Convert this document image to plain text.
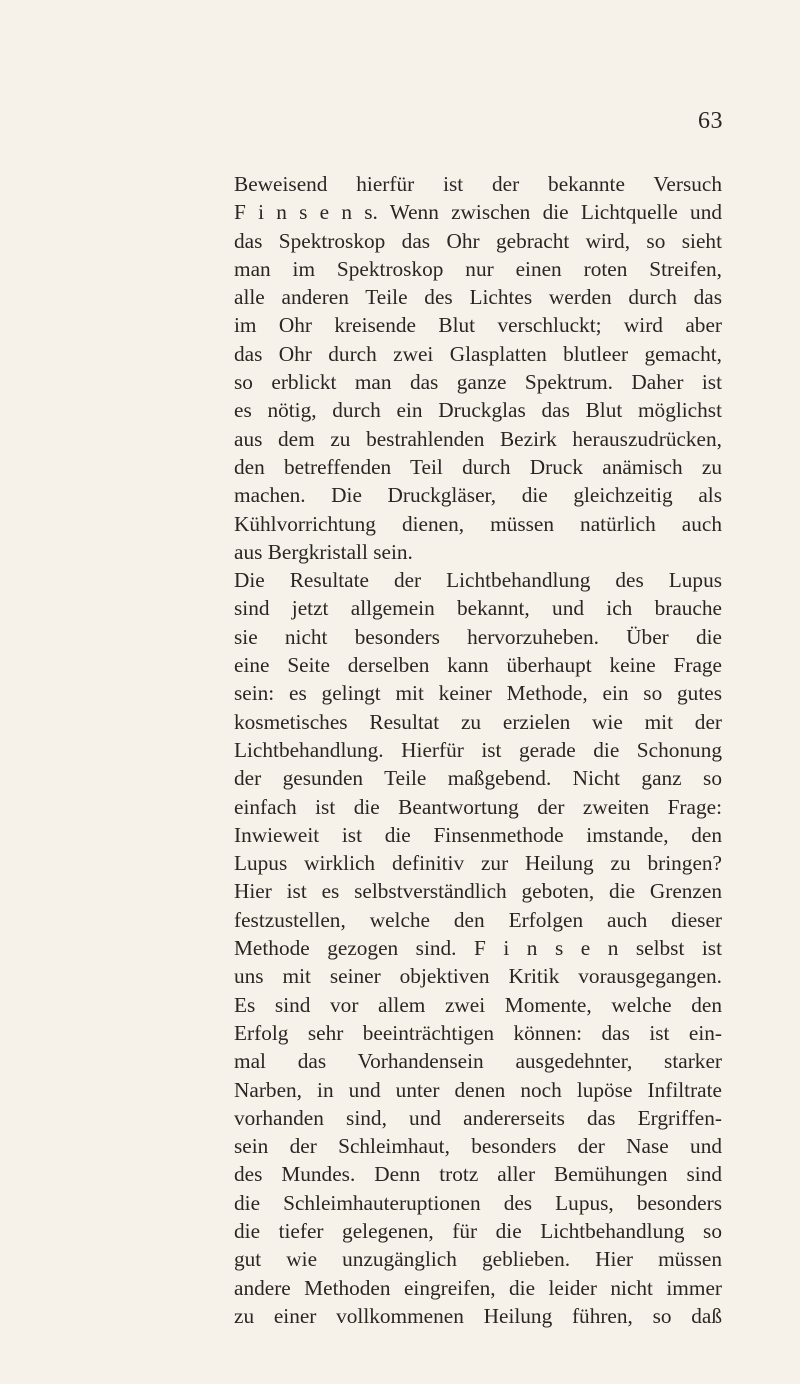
63
Beweisend hierfür ist der bekannte Versuch
F i n s e n s. Wenn zwischen die Lichtquelle und
das Spektroskop das Ohr gebracht wird, so sieht
man im Spektroskop nur einen roten Streifen,
alle anderen Teile des Lichtes werden durch das
im Ohr kreisende Blut verschluckt; wird aber
das Ohr durch zwei Glasplatten blutleer gemacht,
so erblickt man das ganze Spektrum. Daher ist
es nötig, durch ein Druckglas das Blut möglichst
aus dem zu bestrahlenden Bezirk herauszudrücken,
den betreffenden Teil durch Druck anämisch zu
machen. Die Druckgläser, die gleichzeitig als
Kühlvorrichtung dienen, müssen natürlich auch
aus Bergkristall sein.
Die Resultate der Lichtbehandlung des Lupus
sind jetzt allgemein bekannt, und ich brauche
sie nicht besonders hervorzuheben. Über die
eine Seite derselben kann überhaupt keine Frage
sein: es gelingt mit keiner Methode, ein so gutes
kosmetisches Resultat zu erzielen wie mit der
Lichtbehandlung. Hierfür ist gerade die Schonung
der gesunden Teile maßgebend. Nicht ganz so
einfach ist die Beantwortung der zweiten Frage:
Inwieweit ist die Finsenmethode imstande, den
Lupus wirklich definitiv zur Heilung zu bringen?
Hier ist es selbstverständlich geboten, die Grenzen
festzustellen, welche den Erfolgen auch dieser
Methode gezogen sind. F i n s e n selbst ist
uns mit seiner objektiven Kritik vorausgegangen.
Es sind vor allem zwei Momente, welche den
Erfolg sehr beeinträchtigen können: das ist ein-
mal das Vorhandensein ausgedehnter, starker
Narben, in und unter denen noch lupöse Infiltrate
vorhanden sind, und andererseits das Ergriffen-
sein der Schleimhaut, besonders der Nase und
des Mundes. Denn trotz aller Bemühungen sind
die Schleimhauteruptionen des Lupus, besonders
die tiefer gelegenen, für die Lichtbehandlung so
gut wie unzugänglich geblieben. Hier müssen
andere Methoden eingreifen, die leider nicht immer
zu einer vollkommenen Heilung führen, so daß
